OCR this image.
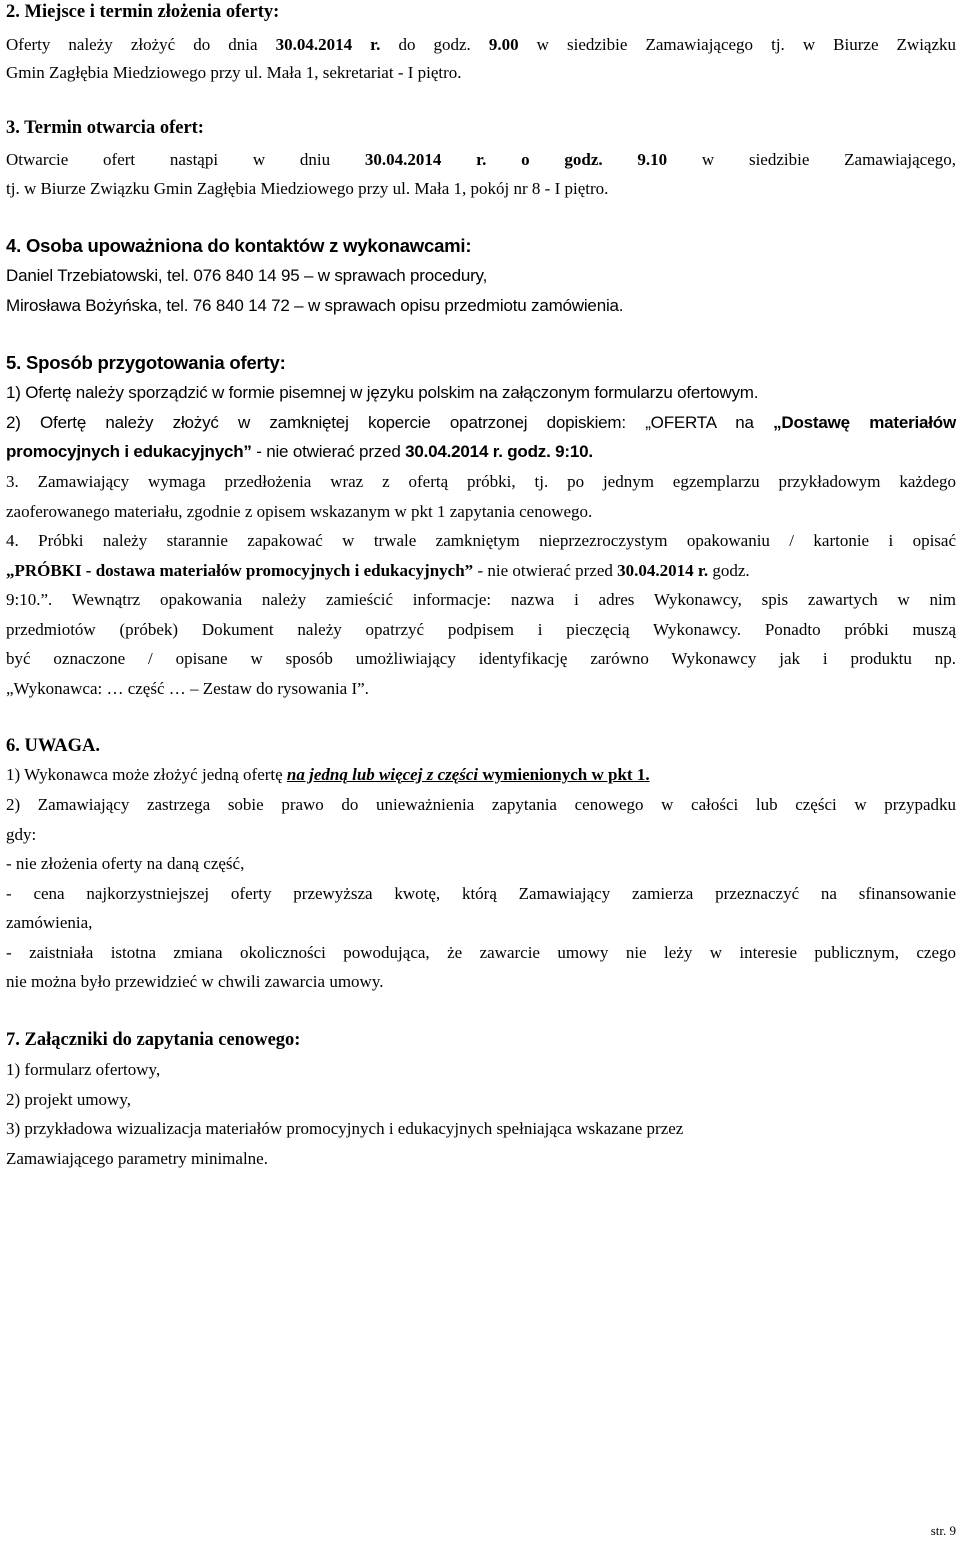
2. Miejsce i termin złożenia oferty:
Oferty należy złożyć do dnia 30.04.2014 r. do godz. 9.00 w siedzibie Zamawiającego tj. w Biurze Związku
Gmin Zagłębia Miedziowego przy ul. Mała 1, sekretariat - I piętro.
3. Termin otwarcia ofert:
Otwarcie ofert nastąpi w dniu 30.04.2014 r. o godz. 9.10 w siedzibie Zamawiającego,
tj. w Biurze Związku Gmin Zagłębia Miedziowego przy ul. Mała 1, pokój nr 8 - I piętro.
4. Osoba upoważniona do kontaktów z wykonawcami:
Daniel Trzebiatowski, tel. 076 840 14 95 – w sprawach procedury,
Mirosława Bożyńska, tel. 76 840 14 72 – w sprawach opisu przedmiotu zamówienia.
5. Sposób przygotowania oferty:
1) Ofertę należy sporządzić w formie pisemnej w języku polskim na załączonym formularzu ofertowym.
2) Ofertę należy złożyć w zamkniętej kopercie opatrzonej dopiskiem: „OFERTA na „Dostawę materiałów
promocyjnych i edukacyjnych” - nie otwierać przed 30.04.2014 r. godz. 9:10.
3. Zamawiający wymaga przedłożenia wraz z ofertą próbki, tj. po jednym egzemplarzu przykładowym każdego
zaoferowanego materiału, zgodnie z opisem wskazanym w pkt 1 zapytania cenowego.
4. Próbki należy starannie zapakować w trwale zamkniętym nieprzezroczystym opakowaniu / kartonie i opisać
„PRÓBKI - dostawa materiałów promocyjnych i edukacyjnych” - nie otwierać przed 30.04.2014 r. godz.
9:10.”. Wewnątrz opakowania należy zamieścić informacje: nazwa i adres Wykonawcy, spis zawartych w nim
przedmiotów (próbek) Dokument należy opatrzyć podpisem i pieczęcią Wykonawcy. Ponadto próbki muszą
być oznaczone / opisane w sposób umożliwiający identyfikację zarówno Wykonawcy jak i produktu np.
„Wykonawca: … część … – Zestaw do rysowania I”.
6. UWAGA.
1) Wykonawca może złożyć jedną ofertę na jedną lub więcej z części wymienionych w pkt 1.
2) Zamawiający zastrzega sobie prawo do unieważnienia zapytania cenowego w całości lub części w przypadku
gdy:
- nie złożenia oferty na daną część,
- cena najkorzystniejszej oferty przewyższa kwotę, którą Zamawiający zamierza przeznaczyć na sfinansowanie
zamówienia,
- zaistniała istotna zmiana okoliczności powodująca, że zawarcie umowy nie leży w interesie publicznym, czego
nie można było przewidzieć w chwili zawarcia umowy.
7. Załączniki do zapytania cenowego:
1) formularz ofertowy,
2) projekt umowy,
3) przykładowa wizualizacja materiałów promocyjnych i edukacyjnych spełniająca wskazane przez
Zamawiającego parametry minimalne.
str. 9
